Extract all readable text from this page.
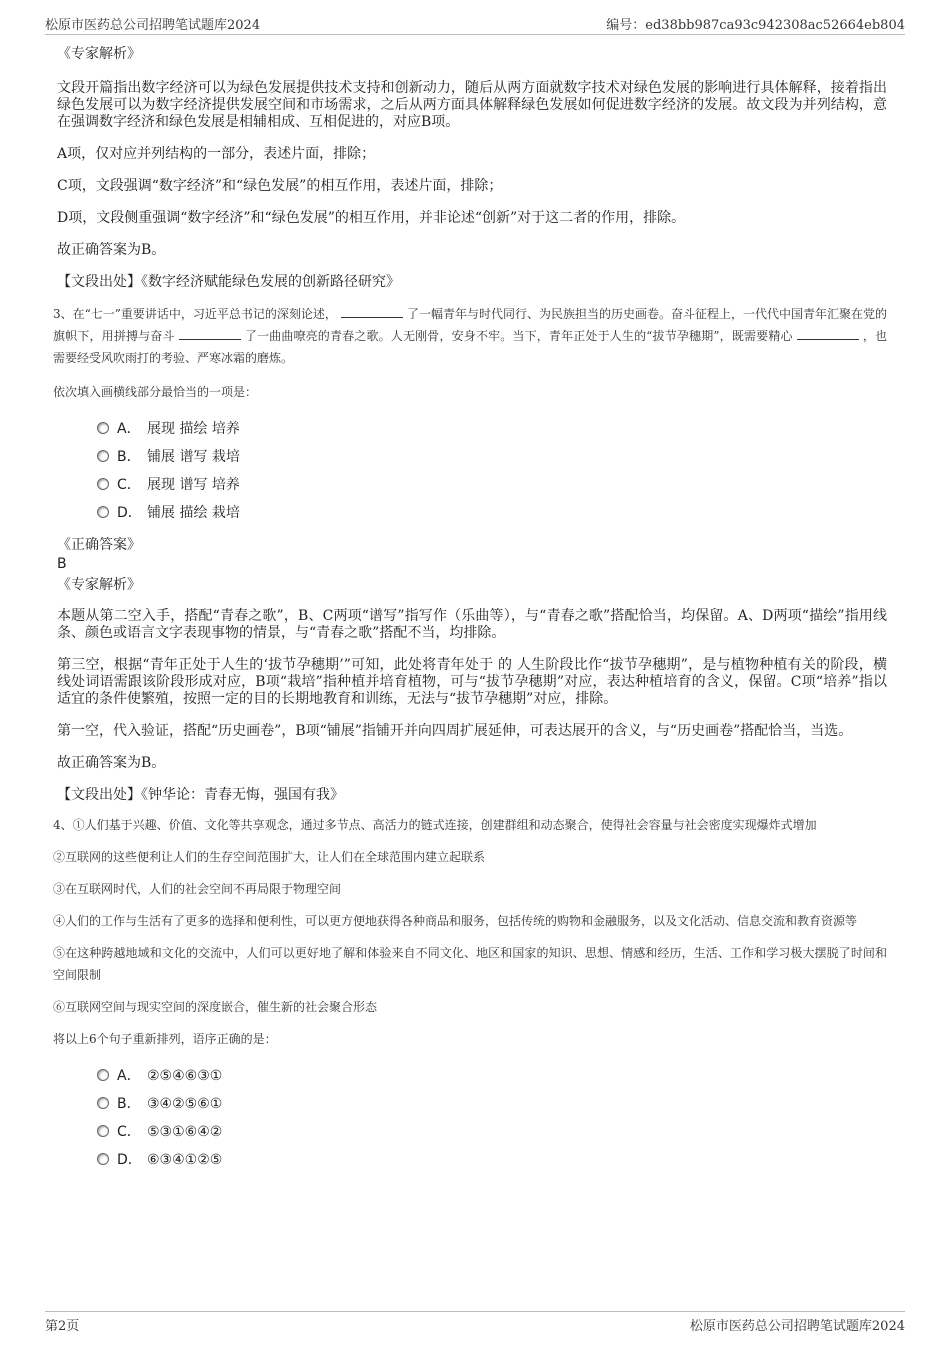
松原市医药总公司招聘笔试题库2024	编号：ed38bb987ca93c942308ac52664eb804

《专家解析》

文段开篇指出数字经济可以为绿色发展提供技术支持和创新动力，随后从两方面就数字技术对绿色发展的影响进行具体解释，接着指出绿色发展可以为数字经济提供发展空间和市场需求，之后从两方面具体解释绿色发展如何促进数字经济的发展。故文段为并列结构，意在强调数字经济和绿色发展是相辅相成、互相促进的，对应B项。

A项，仅对应并列结构的一部分，表述片面，排除；

C项，文段强调“数字经济”和“绿色发展”的相互作用，表述片面，排除；

D项，文段侧重强调“数字经济”和“绿色发展”的相互作用，并非论述“创新”对于这二者的作用，排除。

故正确答案为B。

【文段出处】《数字经济赋能绿色发展的创新路径研究》

3、在“七一”重要讲话中，习近平总书记的深刻论述，	了一幅青年与时代同行、为民族担当的历史画卷。奋斗征程上，一代代中国青年汇聚在党的旗帜下，用拼搏与奋斗	了一曲曲嘹亮的青春之歌。人无刚骨，安身不牢。当下，青年正处于人生的“拔节孕穗期”，既需要精心	，也需要经受风吹雨打的考验、严寒冰霜的磨炼。

依次填入画横线部分最恰当的一项是：

A． 展现 描绘 培养
B． 铺展 谱写 栽培
C． 展现 谱写 培养
D． 铺展 描绘 栽培

《正确答案》

B

《专家解析》

本题从第二空入手，搭配“青春之歌”，B、C两项“谱写”指写作（乐曲等），与“青春之歌”搭配恰当，均保留。A、D两项“描绘”指用线条、颜色或语言文字表现事物的情景，与“青春之歌”搭配不当，均排除。

第三空，根据“青年正处于人生的‘拔节孕穗期’”可知，此处将青年处于 的 人生阶段比作“拔节孕穗期”，是与植物种植有关的阶段，横线处词语需跟该阶段形成对应，B项“栽培”指种植并培育植物，可与“拔节孕穗期”对应，表达种植培育的含义，保留。C项“培养”指以适宜的条件使繁殖，按照一定的目的长期地教育和训练，无法与“拔节孕穗期”对应，排除。

第一空，代入验证，搭配“历史画卷”，B项“铺展”指铺开并向四周扩展延伸，可表达展开的含义，与“历史画卷”搭配恰当，当选。

故正确答案为B。

【文段出处】《钟华论：青春无悔，强国有我》

4、①人们基于兴趣、价值、文化等共享观念，通过多节点、高活力的链式连接，创建群组和动态聚合，使得社会容量与社会密度实现爆炸式增加

②互联网的这些便利让人们的生存空间范围扩大，让人们在全球范围内建立起联系

③在互联网时代，人们的社会空间不再局限于物理空间

④人们的工作与生活有了更多的选择和便利性，可以更方便地获得各种商品和服务，包括传统的购物和金融服务，以及文化活动、信息交流和教育资源等

⑤在这种跨越地域和文化的交流中，人们可以更好地了解和体验来自不同文化、地区和国家的知识、思想、情感和经历，生活、工作和学习极大摆脱了时间和空间限制

⑥互联网空间与现实空间的深度嵌合，催生新的社会聚合形态

将以上6个句子重新排列，语序正确的是：

A． ②⑤④⑥③①
B． ③④②⑤⑥①
C． ⑤③①⑥④②
D． ⑥③④①②⑤
第2页	松原市医药总公司招聘笔试题库2024
